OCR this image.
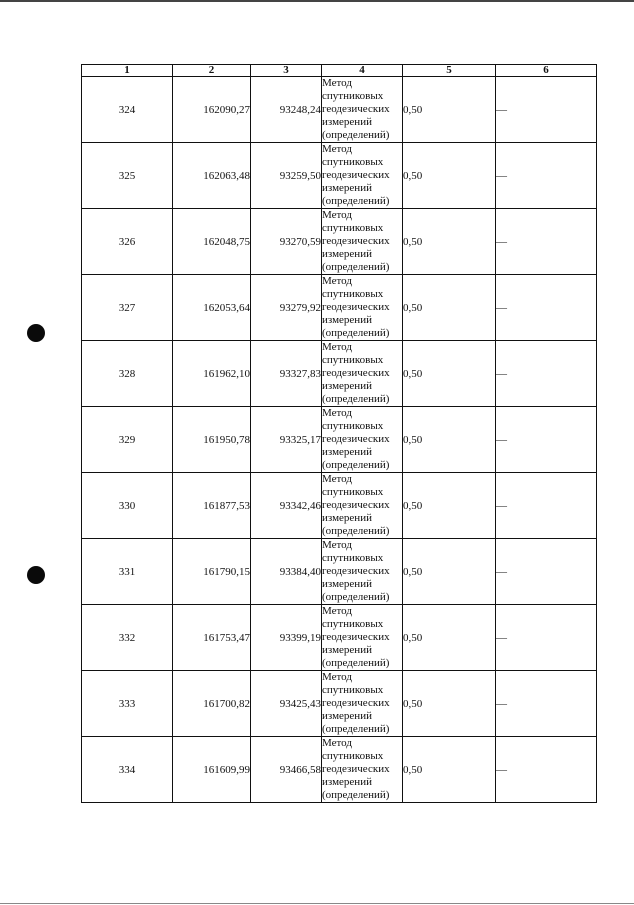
1	2	3	4	5	6
324	162090,27	93248,24	Метод
спутниковых
геодезических
измерений
(определений)	0,50	—
325	162063,48	93259,50	Метод
спутниковых
геодезических
измерений
(определений)	0,50	—
326	162048,75	93270,59	Метод
спутниковых
геодезических
измерений
(определений)	0,50	—
327	162053,64	93279,92	Метод
спутниковых
геодезических
измерений
(определений)	0,50	—
328	161962,10	93327,83	Метод
спутниковых
геодезических
измерений
(определений)	0,50	—
329	161950,78	93325,17	Метод
спутниковых
геодезических
измерений
(определений)	0,50	—
330	161877,53	93342,46	Метод
спутниковых
геодезических
измерений
(определений)	0,50	—
331	161790,15	93384,40	Метод
спутниковых
геодезических
измерений
(определений)	0,50	—
332	161753,47	93399,19	Метод
спутниковых
геодезических
измерений
(определений)	0,50	—
333	161700,82	93425,43	Метод
спутниковых
геодезических
измерений
(определений)	0,50	—
334	161609,99	93466,58	Метод
спутниковых
геодезических
измерений
(определений)	0,50	—
